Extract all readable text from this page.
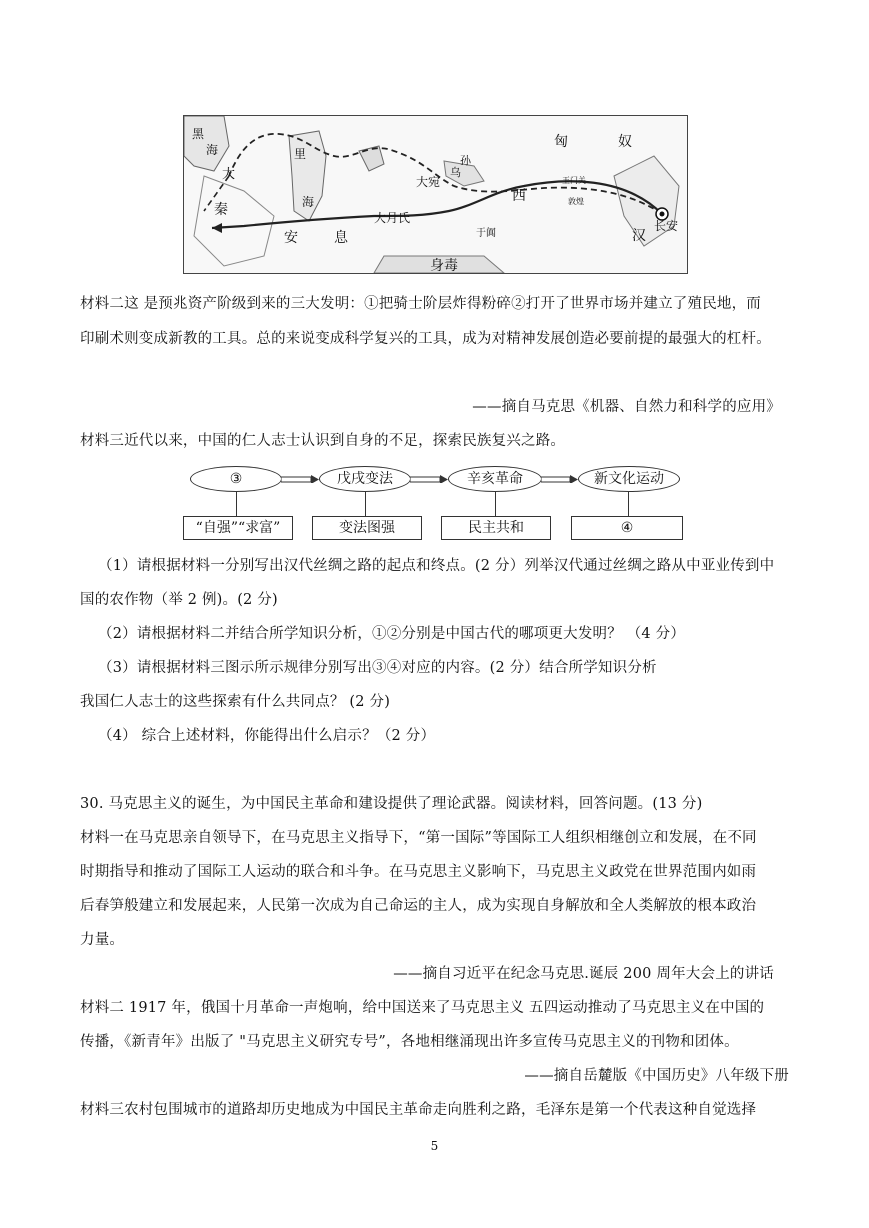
黑
海
大
秦
里
海
安	息
大宛
孙
乌
匈	奴
玉门关
敦煌
西
大月氏
于阗	汉
长安
身毒
材料二这 是预兆资产阶级到来的三大发明：①把骑士阶层炸得粉碎②打开了世界市场并建立了殖民地，而
印刷术则变成新教的工具。总的来说变成科学复兴的工具，成为对精神发展创造必要前提的最强大的杠杆。
——摘自马克思《机器、自然力和科学的应用》
材料三近代以来，中国的仁人志士认识到自身的不足，探索民族复兴之路。
③	戊戌变法	辛亥革命	新文化运动
“自强”“求富”	变法图强	民主共和	④
（1）请根据材料一分别写出汉代丝绸之路的起点和终点。(2 分）列举汉代通过丝绸之路从中亚业传到中
国的农作物（举 2 例)。(2 分)
（2）请根据材料二并结合所学知识分析，①②分别是中国古代的哪项更大发明？ （4 分）
（3）请根据材料三图示所示规律分别写出③④对应的内容。(2 分）结合所学知识分析
我国仁人志士的这些探索有什么共同点？ (2 分)
（4） 综合上述材料，你能得出什么启示？（2 分）
30. 马克思主义的诞生，为中国民主革命和建设提供了理论武器。阅读材料，回答问题。(13 分)
材料一在马克思亲自领导下，在马克思主义指导下，“第一国际”等国际工人组织相继创立和发展，在不同
时期指导和推动了国际工人运动的联合和斗争。在马克思主义影响下，马克思主义政党在世界范围内如雨
后春笋般建立和发展起来，人民第一次成为自己命运的主人，成为实现自身解放和全人类解放的根本政治
力量。
——摘自习近平在纪念马克思.诞辰 200 周年大会上的讲话
材料二 1917 年，俄国十月革命一声炮响，给中国送来了马克思主义 五四运动推动了马克思主义在中国的
传播，《新青年》出版了 "马克思主义研究专号”，各地相继涌现出许多宣传马克思主义的刊物和团体。
——摘自岳麓版《中国历史》八年级下册
材料三农村包围城市的道路却历史地成为中国民主革命走向胜利之路，毛泽东是第一个代表这种自觉选择
5
